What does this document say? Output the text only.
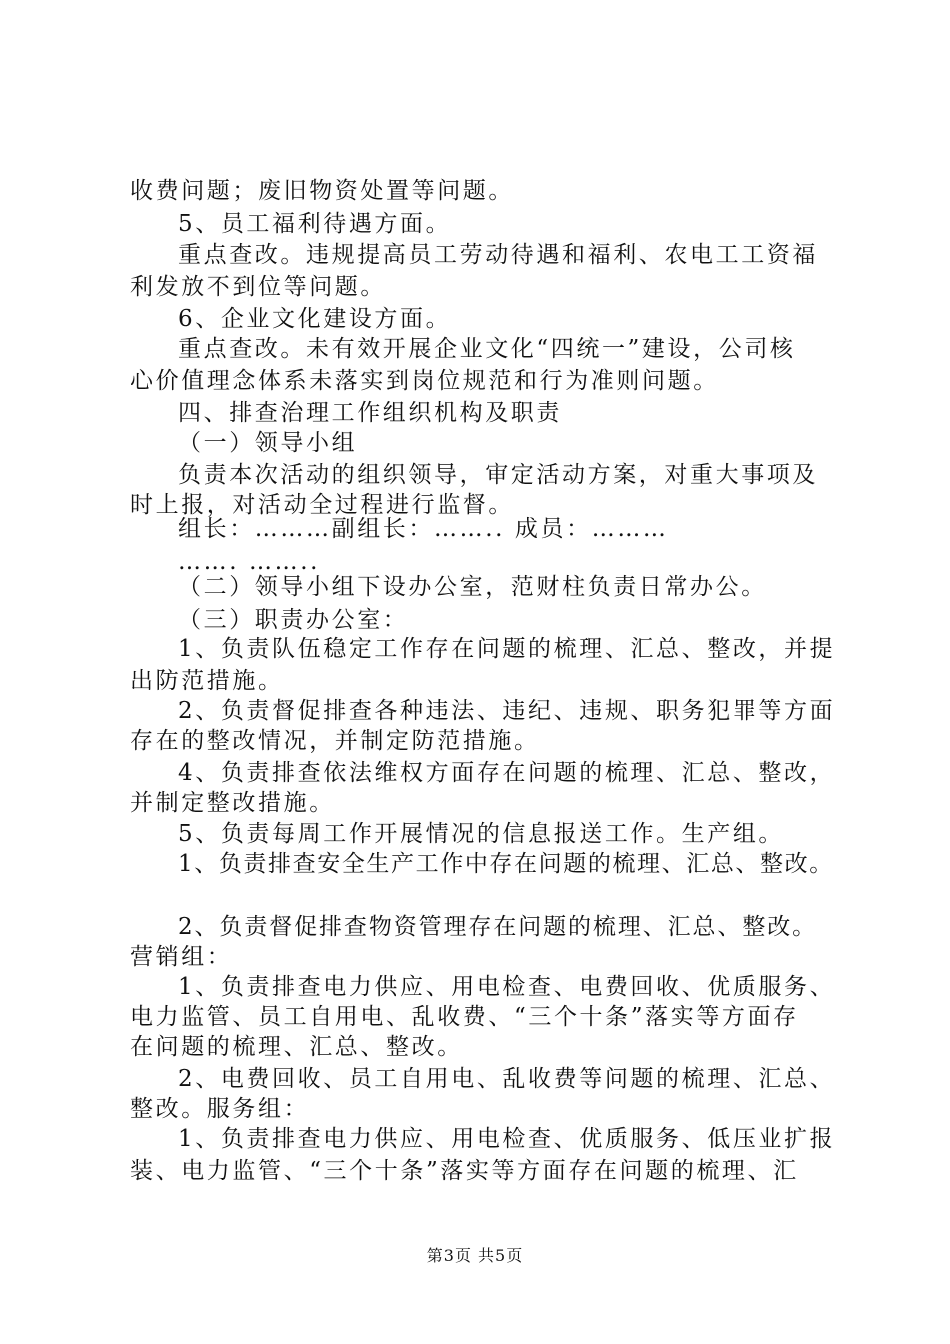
收费问题；废旧物资处置等问题。
5、员工福利待遇方面。
重点查改。违规提高员工劳动待遇和福利、农电工工资福
利发放不到位等问题。
6、企业文化建设方面。
重点查改。未有效开展企业文化“四统一”建设，公司核
心价值理念体系未落实到岗位规范和行为准则问题。
四、排查治理工作组织机构及职责
（一）领导小组
负责本次活动的组织领导，审定活动方案，对重大事项及
时上报，对活动全过程进行监督。
组长：………副组长：…….. 成员：………
……. ……..
（二）领导小组下设办公室，范财柱负责日常办公。
（三）职责办公室：
1、负责队伍稳定工作存在问题的梳理、汇总、整改，并提
出防范措施。
2、负责督促排查各种违法、违纪、违规、职务犯罪等方面
存在的整改情况，并制定防范措施。
4、负责排查依法维权方面存在问题的梳理、汇总、整改，
并制定整改措施。
5、负责每周工作开展情况的信息报送工作。生产组。
1、负责排查安全生产工作中存在问题的梳理、汇总、整改。
2、负责督促排查物资管理存在问题的梳理、汇总、整改。
营销组：
1、负责排查电力供应、用电检查、电费回收、优质服务、
电力监管、员工自用电、乱收费、“三个十条”落实等方面存
在问题的梳理、汇总、整改。
2、电费回收、员工自用电、乱收费等问题的梳理、汇总、
整改。服务组：
1、负责排查电力供应、用电检查、优质服务、低压业扩报
装、电力监管、“三个十条”落实等方面存在问题的梳理、汇
第3页 共5页
